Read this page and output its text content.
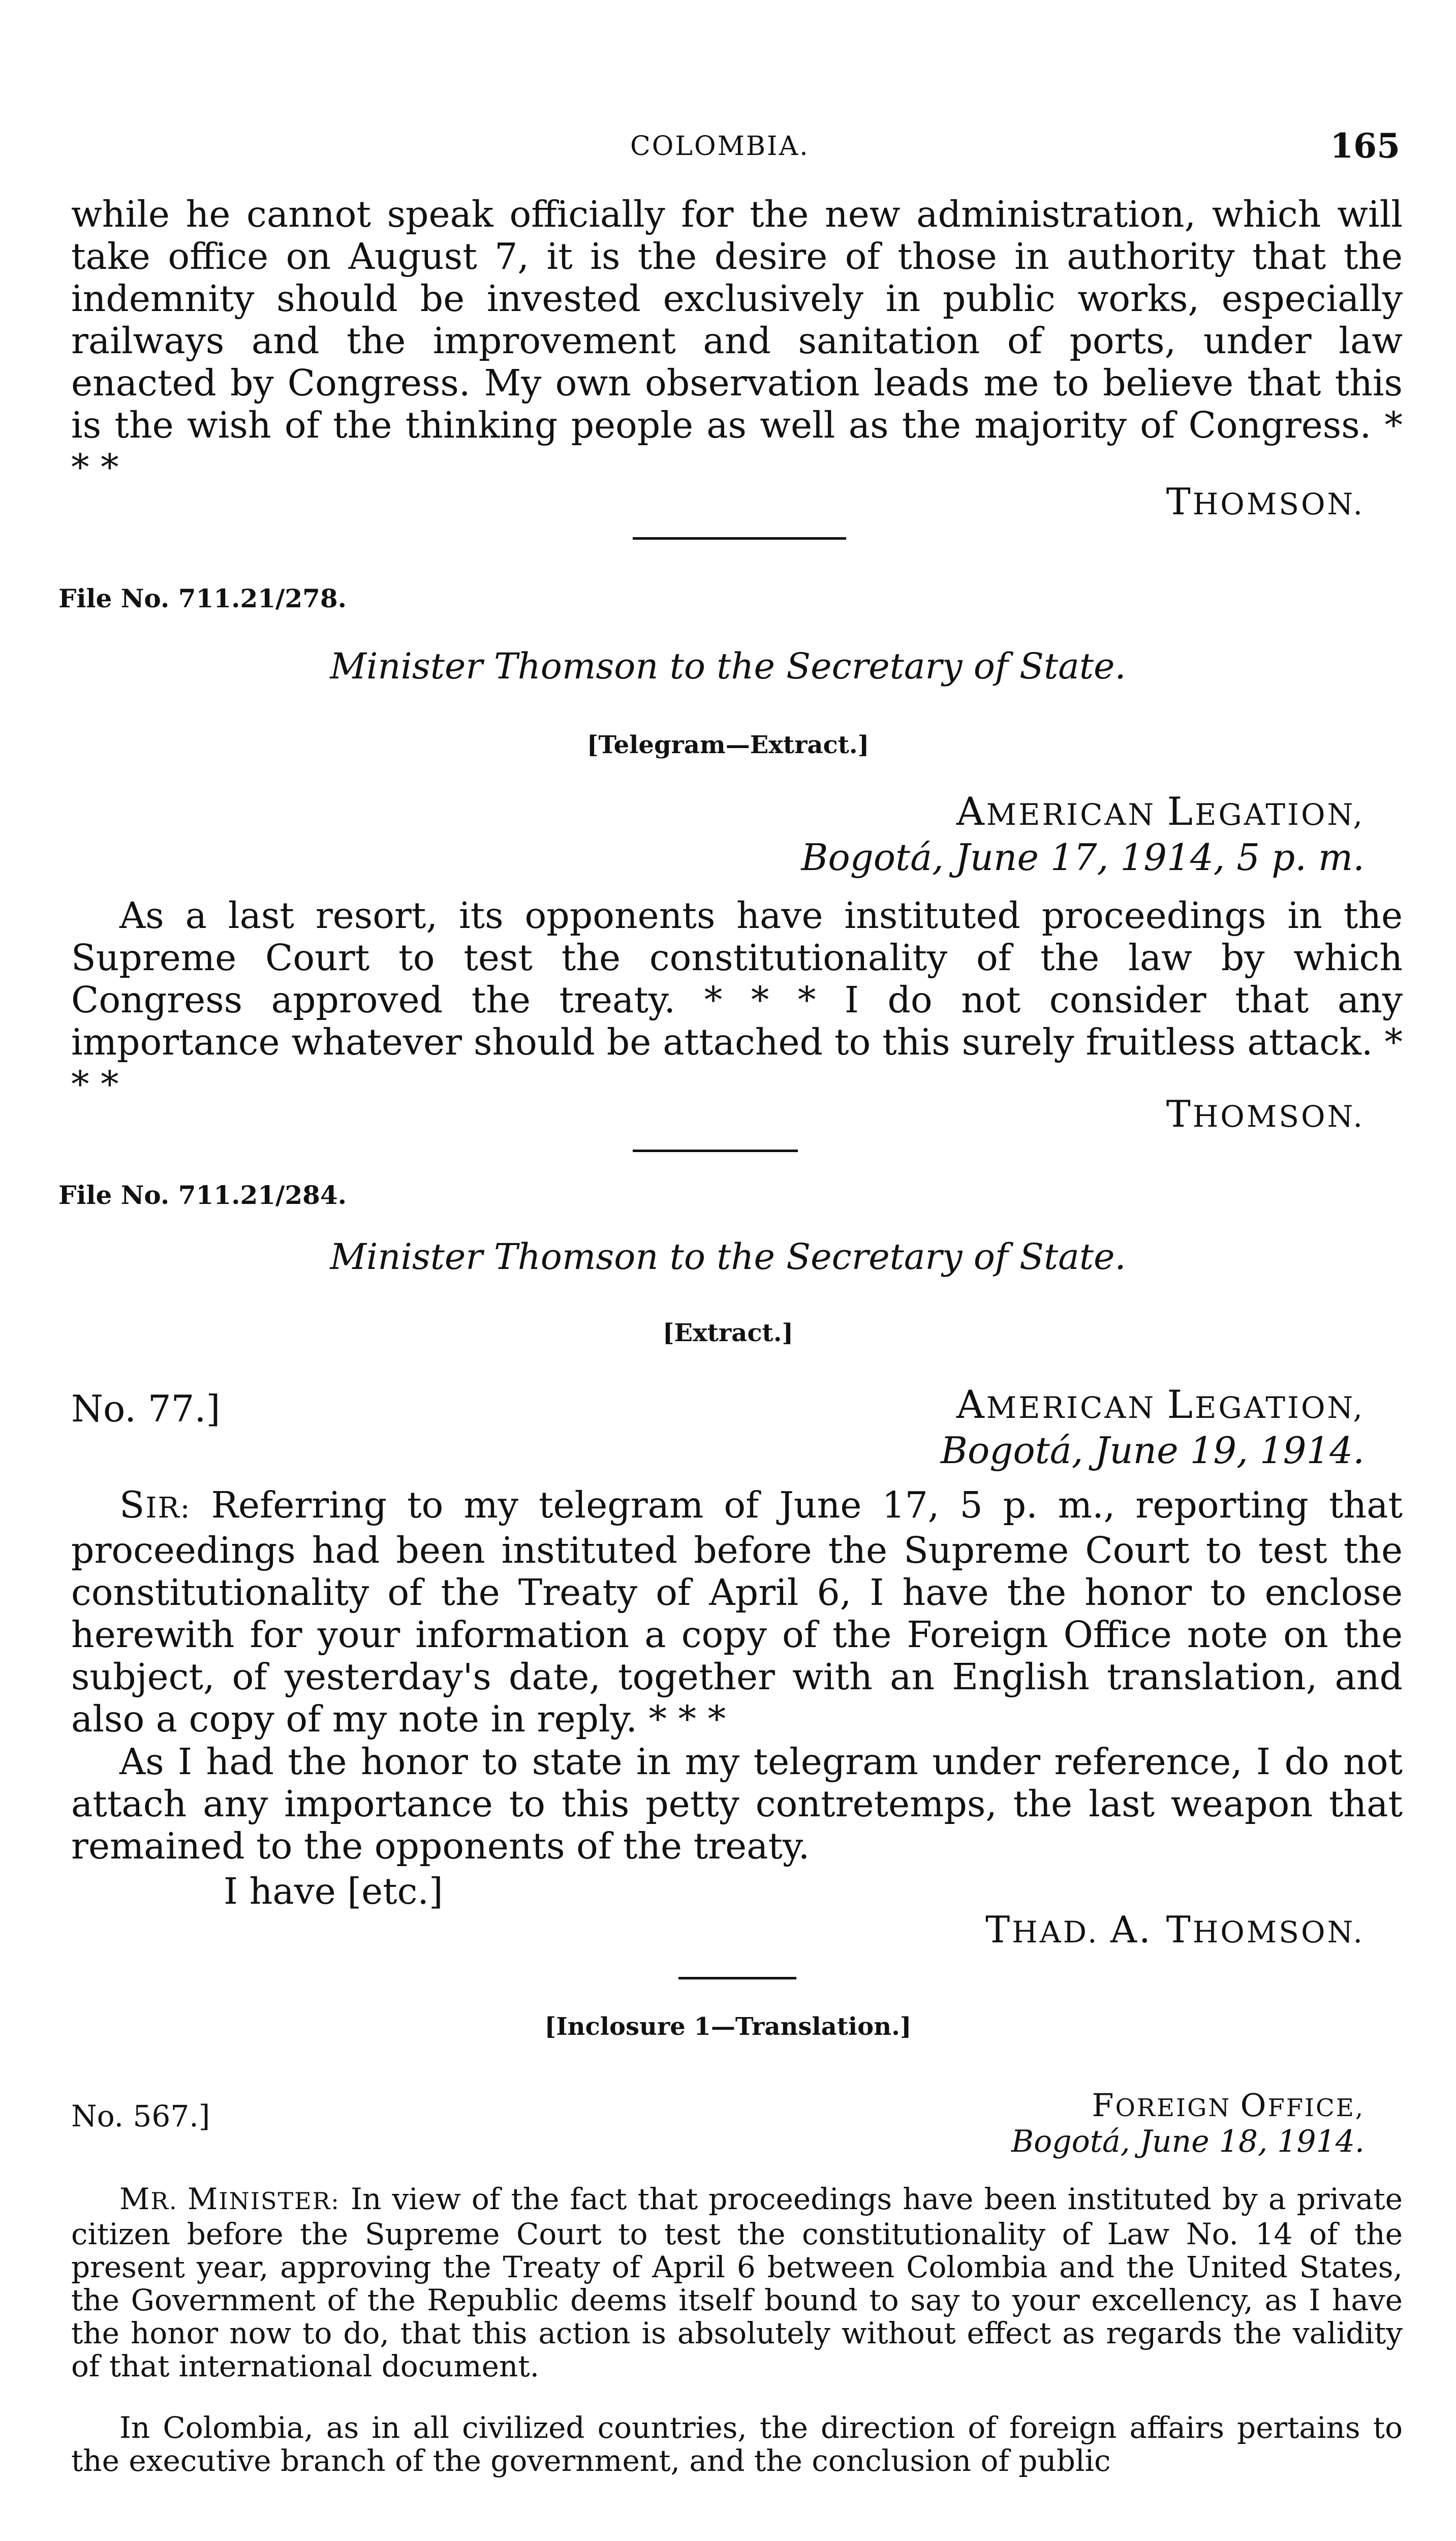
COLOMBIA.	165
while he cannot speak officially for the new administration, which will take office on August 7, it is the desire of those in authority that the indemnity should be invested exclusively in public works, especially railways and the improvement and sanitation of ports, under law enacted by Congress. My own observation leads me to believe that this is the wish of the thinking people as well as the majority of Congress. * * *
THOMSON.
File No. 711.21/278.
Minister Thomson to the Secretary of State.
[Telegram—Extract.]
AMERICAN LEGATION,
Bogotá, June 17, 1914, 5 p. m.
As a last resort, its opponents have instituted proceedings in the Supreme Court to test the constitutionality of the law by which Congress approved the treaty. * * * I do not consider that any importance whatever should be attached to this surely fruitless attack. * * *
THOMSON.
File No. 711.21/284.
Minister Thomson to the Secretary of State.
[Extract.]
No. 77.]	AMERICAN LEGATION,
Bogotá, June 19, 1914.
SIR: Referring to my telegram of June 17, 5 p. m., reporting that proceedings had been instituted before the Supreme Court to test the constitutionality of the Treaty of April 6, I have the honor to enclose herewith for your information a copy of the Foreign Office note on the subject, of yesterday's date, together with an English translation, and also a copy of my note in reply. * * *
As I had the honor to state in my telegram under reference, I do not attach any importance to this petty contretemps, the last weapon that remained to the opponents of the treaty.
I have [etc.]
THAD. A. THOMSON.
[Inclosure 1—Translation.]
No. 567.]	FOREIGN OFFICE,
Bogotá, June 18, 1914.
MR. MINISTER: In view of the fact that proceedings have been instituted by a private citizen before the Supreme Court to test the constitutionality of Law No. 14 of the present year, approving the Treaty of April 6 between Colombia and the United States, the Government of the Republic deems itself bound to say to your excellency, as I have the honor now to do, that this action is absolutely without effect as regards the validity of that international document.
In Colombia, as in all civilized countries, the direction of foreign affairs pertains to the executive branch of the government, and the conclusion of public
